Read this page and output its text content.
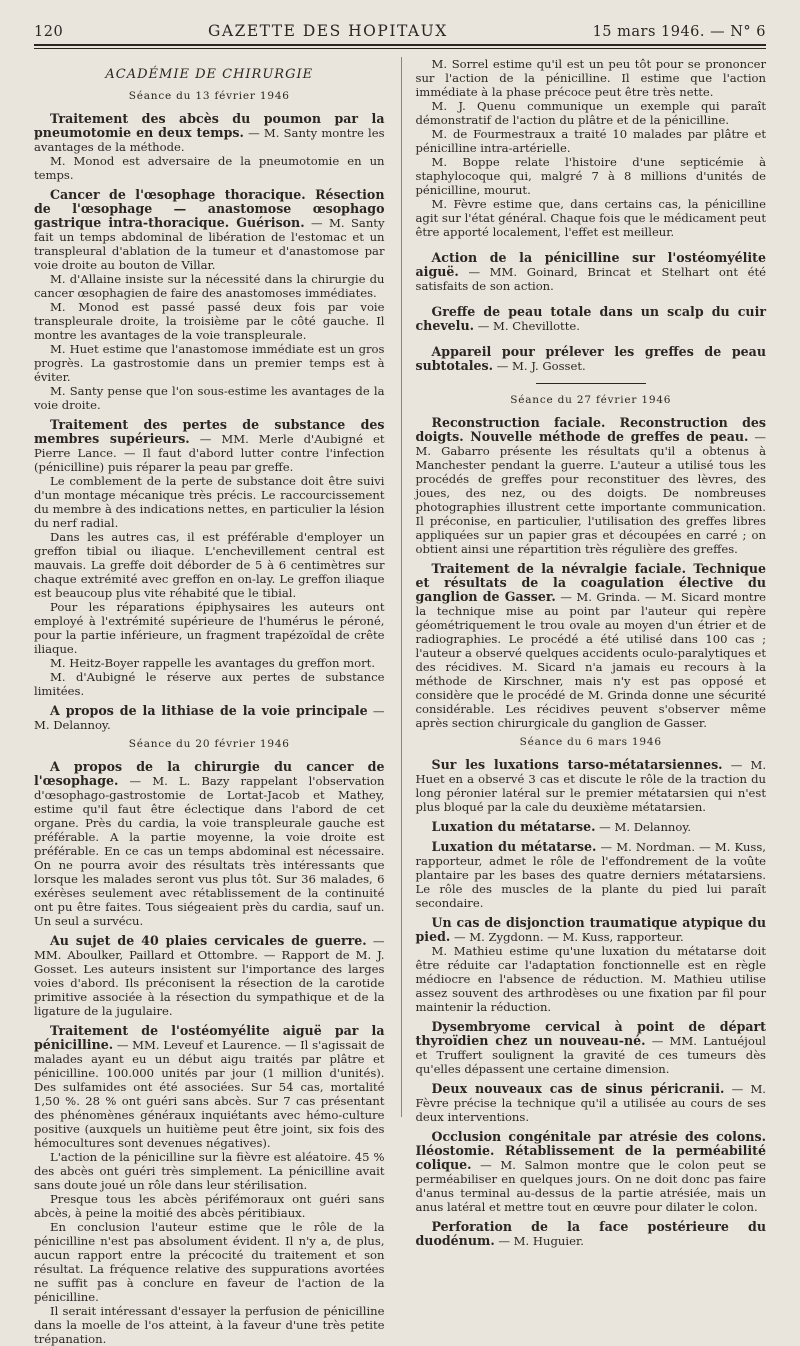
120	GAZETTE DES HOPITAUX	15 mars 1946. — N° 6
ACADÉMIE DE CHIRURGIE
Séance du 13 février 1946

Traitement des abcès du poumon par la pneumotomie en deux temps. — M. Santy montre les avantages de la méthode.

M. Monod est adversaire de la pneumotomie en un temps.

Cancer de l'œsophage thoracique. Résection de l'œsophage — anastomose œsophago gastrique intra-thoracique. Guérison. — M. Santy fait un temps abdominal de libération de l'estomac et un transpleural d'ablation de la tumeur et d'anastomose par voie droite au bouton de Villar.

M. d'Allaine insiste sur la nécessité dans la chirurgie du cancer œsophagien de faire des anastomoses immédiates.

M. Monod est passé passé deux fois par voie transpleurale droite, la troisième par le côté gauche. Il montre les avantages de la voie transpleurale.

M. Huet estime que l'anastomose immédiate est un gros progrès. La gastrostomie dans un premier temps est à éviter.

M. Santy pense que l'on sous-estime les avantages de la voie droite.

Traitement des pertes de substance des membres supérieurs. — MM. Merle d'Aubigné et Pierre Lance. — Il faut d'abord lutter contre l'infection (pénicilline) puis réparer la peau par greffe.

Le comblement de la perte de substance doit être suivi d'un montage mécanique très précis. Le raccourcissement du membre à des indications nettes, en particulier la lésion du nerf radial.

Dans les autres cas, il est préférable d'employer un greffon tibial ou iliaque. L'enchevillement central est mauvais. La greffe doit déborder de 5 à 6 centimètres sur chaque extrémité avec greffon en on-lay. Le greffon iliaque est beaucoup plus vite réhabité que le tibial.

Pour les réparations épiphysaires les auteurs ont employé à l'extrémité supérieure de l'humérus le péroné, pour la partie inférieure, un fragment trapézoïdal de crête iliaque.

M. Heitz-Boyer rappelle les avantages du greffon mort.

M. d'Aubigné le réserve aux pertes de substance limitées.

A propos de la lithiase de la voie principale — M. Delannoy.

Séance du 20 février 1946

A propos de la chirurgie du cancer de l'œsophage. — M. L. Bazy rappelant l'observation d'œsophago-gastrostomie de Lortat-Jacob et Mathey, estime qu'il faut être éclectique dans l'abord de cet organe. Près du cardia, la voie transpleurale gauche est préférable. A la partie moyenne, la voie droite est préférable. En ce cas un temps abdominal est nécessaire. On ne pourra avoir des résultats très intéressants que lorsque les malades seront vus plus tôt. Sur 36 malades, 6 exérèses seulement avec rétablissement de la continuité ont pu être faites. Tous siégeaient près du cardia, sauf un. Un seul a survécu.

Au sujet de 40 plaies cervicales de guerre. — MM. Aboulker, Paillard et Ottombre. — Rapport de M. J. Gosset. Les auteurs insistent sur l'importance des larges voies d'abord. Ils préconisent la résection de la carotide primitive associée à la résection du sympathique et de la ligature de la jugulaire.

Traitement de l'ostéomyélite aiguë par la pénicilline. — MM. Leveuf et Laurence. — Il s'agissait de malades ayant eu un début aigu traités par plâtre et pénicilline. 100.000 unités par jour (1 million d'unités). Des sulfamides ont été associées. Sur 54 cas, mortalité 1,50 %. 28 % ont guéri sans abcès. Sur 7 cas présentant des phénomènes généraux inquiétants avec hémo-culture positive (auxquels un huitième peut être joint, six fois des hémocultures sont devenues négatives).

L'action de la pénicilline sur la fièvre est aléatoire. 45 % des abcès ont guéri très simplement. La pénicilline avait sans doute joué un rôle dans leur stérilisation.

Presque tous les abcès périfémoraux ont guéri sans abcès, à peine la moitié des abcès péritibiaux.

En conclusion l'auteur estime que le rôle de la pénicilline n'est pas absolument évident. Il n'y a, de plus, aucun rapport entre la précocité du traitement et son résultat. La fréquence relative des suppurations avortées ne suffit pas à conclure en faveur de l'action de la pénicilline.

Il serait intéressant d'essayer la perfusion de pénicilline dans la moelle de l'os atteint, à la faveur d'une très petite trépanation.

M. Sorrel estime qu'il est un peu tôt pour se prononcer sur l'action de la pénicilline. Il estime que l'action immédiate à la phase précoce peut être très nette.

M. J. Quenu communique un exemple qui paraît démonstratif de l'action du plâtre et de la pénicilline.

M. de Fourmestraux a traité 10 malades par plâtre et pénicilline intra-artérielle.

M. Boppe relate l'histoire d'une septicémie à staphylocoque qui, malgré 7 à 8 millions d'unités de pénicilline, mourut.

M. Fèvre estime que, dans certains cas, la pénicilline agit sur l'état général. Chaque fois que le médicament peut être apporté localement, l'effet est meilleur.

Action de la pénicilline sur l'ostéomyélite aiguë. — MM. Goinard, Brincat et Stelhart ont été satisfaits de son action.

Greffe de peau totale dans un scalp du cuir chevelu. — M. Chevillotte.

Appareil pour prélever les greffes de peau subtotales. — M. J. Gosset.

Séance du 27 février 1946

Reconstruction faciale. Reconstruction des doigts. Nouvelle méthode de greffes de peau. — M. Gabarro présente les résultats qu'il a obtenus à Manchester pendant la guerre. L'auteur a utilisé tous les procédés de greffes pour reconstituer des lèvres, des joues, des nez, ou des doigts. De nombreuses photographies illustrent cette importante communication. Il préconise, en particulier, l'utilisation des greffes libres appliquées sur un papier gras et découpées en carré ; on obtient ainsi une répartition très régulière des greffes.

Traitement de la névralgie faciale. Technique et résultats de la coagulation élective du ganglion de Gasser. — M. Grinda. — M. Sicard montre la technique mise au point par l'auteur qui repère géométriquement le trou ovale au moyen d'un étrier et de radiographies. Le procédé a été utilisé dans 100 cas ; l'auteur a observé quelques accidents oculo-paralytiques et des récidives. M. Sicard n'a jamais eu recours à la méthode de Kirschner, mais n'y est pas opposé et considère que le procédé de M. Grinda donne une sécurité considérable. Les récidives peuvent s'observer même après section chirurgicale du ganglion de Gasser.

Séance du 6 mars 1946

Sur les luxations tarso-métatarsiennes. — M. Huet en a observé 3 cas et discute le rôle de la traction du long péronier latéral sur le premier métatarsien qui n'est plus bloqué par la cale du deuxième métatarsien.

Luxation du métatarse. — M. Delannoy.

Luxation du métatarse. — M. Nordman. — M. Kuss, rapporteur, admet le rôle de l'effondrement de la voûte plantaire par les bases des quatre derniers métatarsiens. Le rôle des muscles de la plante du pied lui paraît secondaire.

Un cas de disjonction traumatique atypique du pied. — M. Zygdonn. — M. Kuss, rapporteur.

M. Mathieu estime qu'une luxation du métatarse doit être réduite car l'adaptation fonctionnelle est en règle médiocre en l'absence de réduction. M. Mathieu utilise assez souvent des arthrodèses ou une fixation par fil pour maintenir la réduction.

Dysembryome cervical à point de départ thyroïdien chez un nouveau-né. — MM. Lantuéjoul et Truffert soulignent la gravité de ces tumeurs dès qu'elles dépassent une certaine dimension.

Deux nouveaux cas de sinus péricranii. — M. Fèvre précise la technique qu'il a utilisée au cours de ses deux interventions.

Occlusion congénitale par atrésie des colons. Iléostomie. Rétablissement de la perméabilité colique. — M. Salmon montre que le colon peut se perméabiliser en quelques jours. On ne doit donc pas faire d'anus terminal au-dessus de la partie atrésiée, mais un anus latéral et mettre tout en œuvre pour dilater le colon.

Perforation de la face postérieure du duodénum. — M. Huguier.
